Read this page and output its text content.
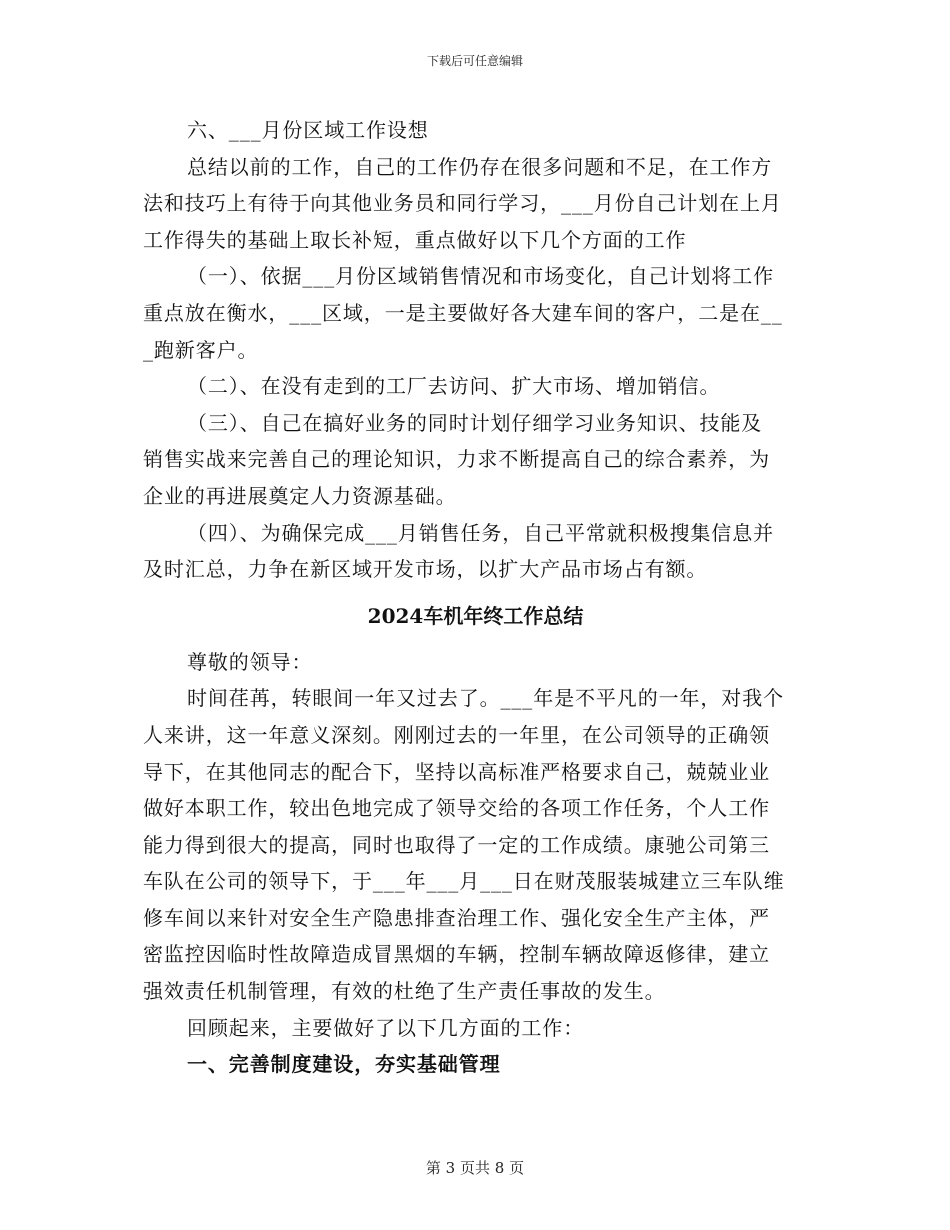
下载后可任意编辑
六、___月份区域工作设想
总结以前的工作，自己的工作仍存在很多问题和不足，在工作方
法和技巧上有待于向其他业务员和同行学习，___月份自己计划在上月
工作得失的基础上取长补短，重点做好以下几个方面的工作
（一）、依据___月份区域销售情况和市场变化，自己计划将工作
重点放在衡水，___区域，一是主要做好各大建车间的客户，二是在__
_跑新客户。
（二）、在没有走到的工厂去访问、扩大市场、增加销信。
（三）、自己在搞好业务的同时计划仔细学习业务知识、技能及
销售实战来完善自己的理论知识，力求不断提高自己的综合素养，为
企业的再进展奠定人力资源基础。
（四）、为确保完成___月销售任务，自己平常就积极搜集信息并
及时汇总，力争在新区域开发市场，以扩大产品市场占有额。
2024车机年终工作总结
尊敬的领导：
时间荏苒，转眼间一年又过去了。___年是不平凡的一年，对我个
人来讲，这一年意义深刻。刚刚过去的一年里，在公司领导的正确领
导下，在其他同志的配合下，坚持以高标准严格要求自己，兢兢业业
做好本职工作，较出色地完成了领导交给的各项工作任务，个人工作
能力得到很大的提高，同时也取得了一定的工作成绩。康驰公司第三
车队在公司的领导下，于___年___月___日在财茂服装城建立三车队维
修车间以来针对安全生产隐患排查治理工作、强化安全生产主体，严
密监控因临时性故障造成冒黑烟的车辆，控制车辆故障返修律，建立
强效责任机制管理，有效的杜绝了生产责任事故的发生。
回顾起来，主要做好了以下几方面的工作：
一、完善制度建设，夯实基础管理
第 3 页共 8 页
